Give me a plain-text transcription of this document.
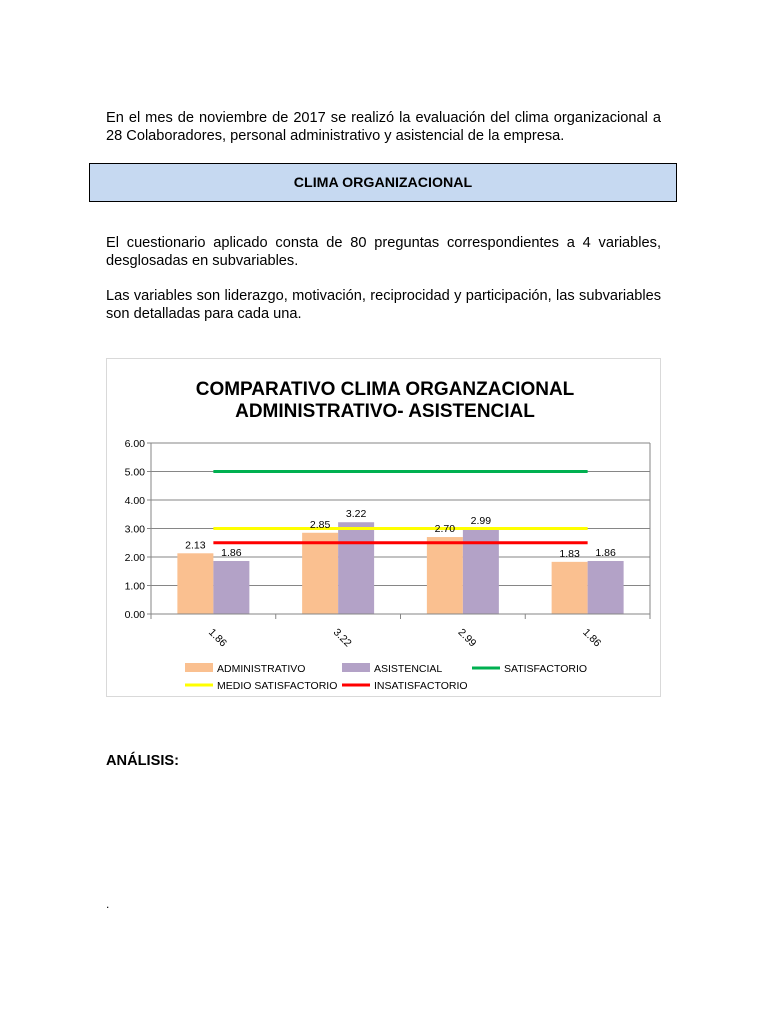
En el mes de noviembre de 2017 se realizó la evaluación del clima organizacional a 28 Colaboradores, personal administrativo y asistencial de la empresa.
CLIMA ORGANIZACIONAL
El cuestionario aplicado consta de 80 preguntas correspondientes a 4 variables, desglosadas en subvariables.
Las variables son liderazgo, motivación, reciprocidad y participación, las subvariables son detalladas para cada una.
COMPARATIVO CLIMA ORGANZACIONAL
ADMINISTRATIVO- ASISTENCIAL
0.00
1.00
2.00
3.00
4.00
5.00
6.00
1.86	3.22	2.99	1.86
2.13
1.86
2.85
3.22
2.70
2.99
1.83 1.86
ADMINISTRATIVO	ASISTENCIAL	SATISFACTORIO
MEDIO SATISFACTORIO	INSATISFACTORIO
ANÁLISIS:
.
